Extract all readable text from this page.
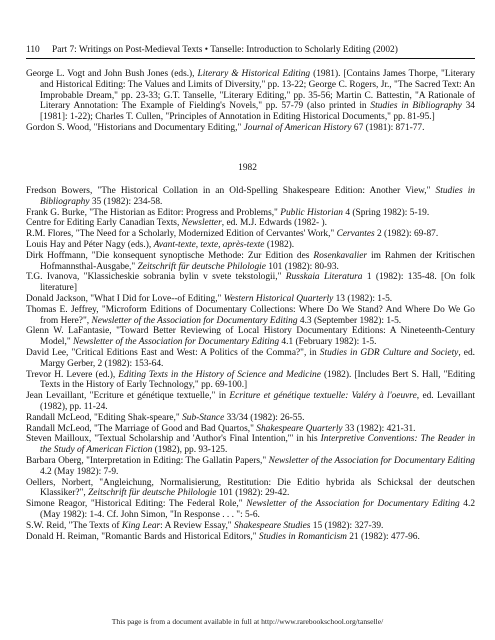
110 Part 7: Writings on Post-Medieval Texts • Tanselle: Introduction to Scholarly Editing (2002)

George L. Vogt and John Bush Jones (eds.), Literary & Historical Editing (1981). [Contains James Thorpe, "Literary and Historical Editing: The Values and Limits of Diversity," pp. 13-22; George C. Rogers, Jr., "The Sacred Text: An Improbable Dream," pp. 23-33; G.T. Tanselle, "Literary Editing," pp. 35-56; Martin C. Battestin, "A Rationale of Literary Annotation: The Example of Fielding's Novels," pp. 57-79 (also printed in Studies in Bibliography 34 [1981]: 1-22); Charles T. Cullen, "Principles of Annotation in Editing Historical Documents," pp. 81-95.]

Gordon S. Wood, "Historians and Documentary Editing," Journal of American History 67 (1981): 871-77.

1982

Fredson Bowers, "The Historical Collation in an Old-Spelling Shakespeare Edition: Another View," Studies in Bibliography 35 (1982): 234-58.

Frank G. Burke, "The Historian as Editor: Progress and Problems," Public Historian 4 (Spring 1982): 5-19.

Centre for Editing Early Canadian Texts, Newsletter, ed. M.J. Edwards (1982- ).

R.M. Flores, "The Need for a Scholarly, Modernized Edition of Cervantes' Work," Cervantes 2 (1982): 69-87.

Louis Hay and Péter Nagy (eds.), Avant-texte, texte, après-texte (1982).

Dirk Hoffmann, "Die konsequent synoptische Methode: Zur Edition des Rosenkavalier im Rahmen der Kritischen Hofmannsthal-Ausgabe," Zeitschrift für deutsche Philologie 101 (1982): 80-93.

T.G. Ivanova, "Klassicheskie sobrania bylin v svete tekstologii," Russkaia Literatura 1 (1982): 135-48. [On folk literature]

Donald Jackson, "What I Did for Love--of Editing," Western Historical Quarterly 13 (1982): 1-5.

Thomas E. Jeffrey, "Microform Editions of Documentary Collections: Where Do We Stand? And Where Do We Go from Here?", Newsletter of the Association for Documentary Editing 4.3 (September 1982): 1-5.

Glenn W. LaFantasie, "Toward Better Reviewing of Local History Documentary Editions: A Nineteenth-Century Model," Newsletter of the Association for Documentary Editing 4.1 (February 1982): 1-5.

David Lee, "Critical Editions East and West: A Politics of the Comma?", in Studies in GDR Culture and Society, ed. Margy Gerber, 2 (1982): 153-64.

Trevor H. Levere (ed.), Editing Texts in the History of Science and Medicine (1982). [Includes Bert S. Hall, "Editing Texts in the History of Early Technology," pp. 69-100.]

Jean Levaillant, "Ecriture et génétique textuelle," in Ecriture et génétique textuelle: Valéry à l'oeuvre, ed. Levaillant (1982), pp. 11-24.

Randall McLeod, "Editing Shak-speare," Sub-Stance 33/34 (1982): 26-55.

Randall McLeod, "The Marriage of Good and Bad Quartos," Shakespeare Quarterly 33 (1982): 421-31.

Steven Mailloux, "Textual Scholarship and 'Author's Final Intention,'" in his Interpretive Conventions: The Reader in the Study of American Fiction (1982), pp. 93-125.

Barbara Oberg, "Interpretation in Editing: The Gallatin Papers," Newsletter of the Association for Documentary Editing 4.2 (May 1982): 7-9.

Oellers, Norbert, "Angleichung, Normalisierung, Restitution: Die Editio hybrida als Schicksal der deutschen Klassiker?", Zeitschrift für deutsche Philologie 101 (1982): 29-42.

Simone Reagor, "Historical Editing: The Federal Role," Newsletter of the Association for Documentary Editing 4.2 (May 1982): 1-4. Cf. John Simon, "In Response . . . ": 5-6.

S.W. Reid, "The Texts of King Lear: A Review Essay," Shakespeare Studies 15 (1982): 327-39.

Donald H. Reiman, "Romantic Bards and Historical Editors," Studies in Romanticism 21 (1982): 477-96.

This page is from a document available in full at http://www.rarebookschool.org/tanselle/
